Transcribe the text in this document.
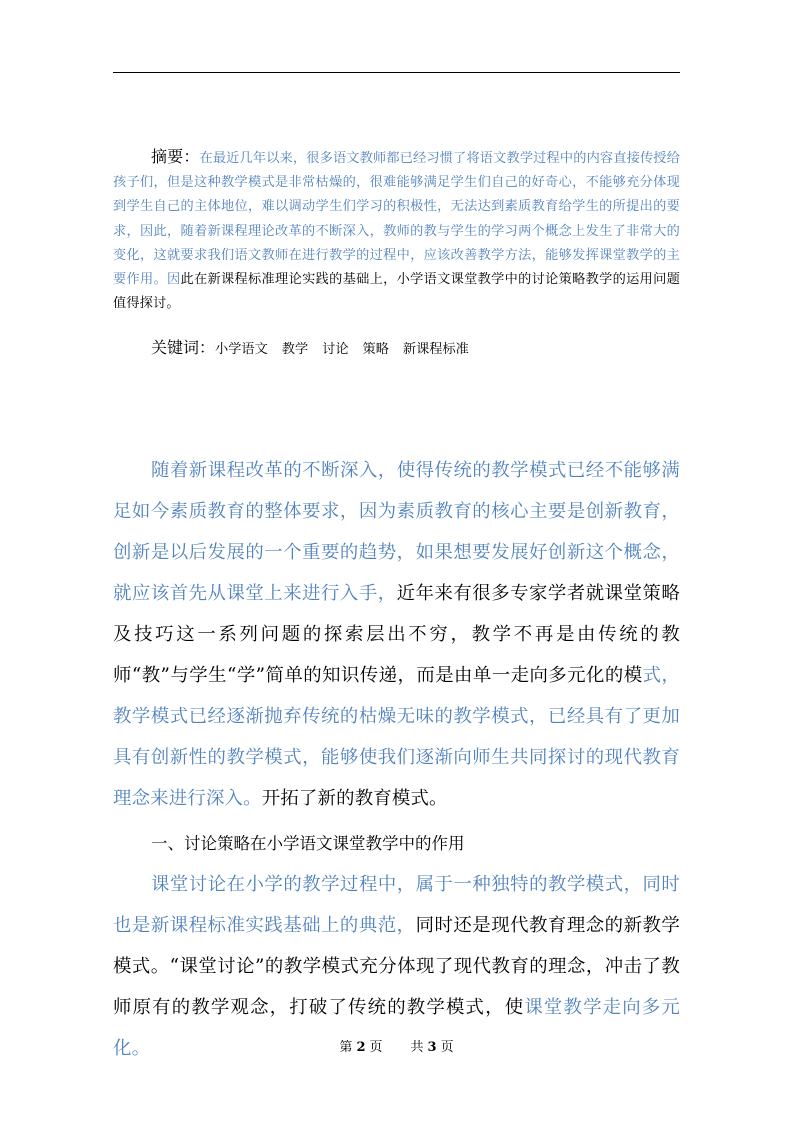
摘要：在最近几年以来，很多语文教师都已经习惯了将语文教学过程中的内容直接传授给孩子们，但是这种教学模式是非常枯燥的，很难能够满足学生们自己的好奇心，不能够充分体现到学生自己的主体地位，难以调动学生们学习的积极性，无法达到素质教育给学生的所提出的要求，因此，随着新课程理论改革的不断深入，教师的教与学生的学习两个概念上发生了非常大的变化，这就要求我们语文教师在进行教学的过程中，应该改善教学方法，能够发挥课堂教学的主要作用。因此在新课程标准理论实践的基础上，小学语文课堂教学中的讨论策略教学的运用问题值得探讨。

关键词：小学语文 教学 讨论 策略 新课程标准

随着新课程改革的不断深入，使得传统的教学模式已经不能够满足如今素质教育的整体要求，因为素质教育的核心主要是创新教育，创新是以后发展的一个重要的趋势，如果想要发展好创新这个概念，就应该首先从课堂上来进行入手，近年来有很多专家学者就课堂策略及技巧这一系列问题的探索层出不穷，教学不再是由传统的教师“教”与学生“学”简单的知识传递，而是由单一走向多元化的模式，教学模式已经逐渐抛弃传统的枯燥无味的教学模式，已经具有了更加具有创新性的教学模式，能够使我们逐渐向师生共同探讨的现代教育理念来进行深入。开拓了新的教育模式。

一、讨论策略在小学语文课堂教学中的作用

课堂讨论在小学的教学过程中，属于一种独特的教学模式，同时也是新课程标准实践基础上的典范，同时还是现代教育理念的新教学模式。“课堂讨论”的教学模式充分体现了现代教育的理念，冲击了教师原有的教学观念，打破了传统的教学模式，使课堂教学走向多元化。	第 2 页 共 3 页
